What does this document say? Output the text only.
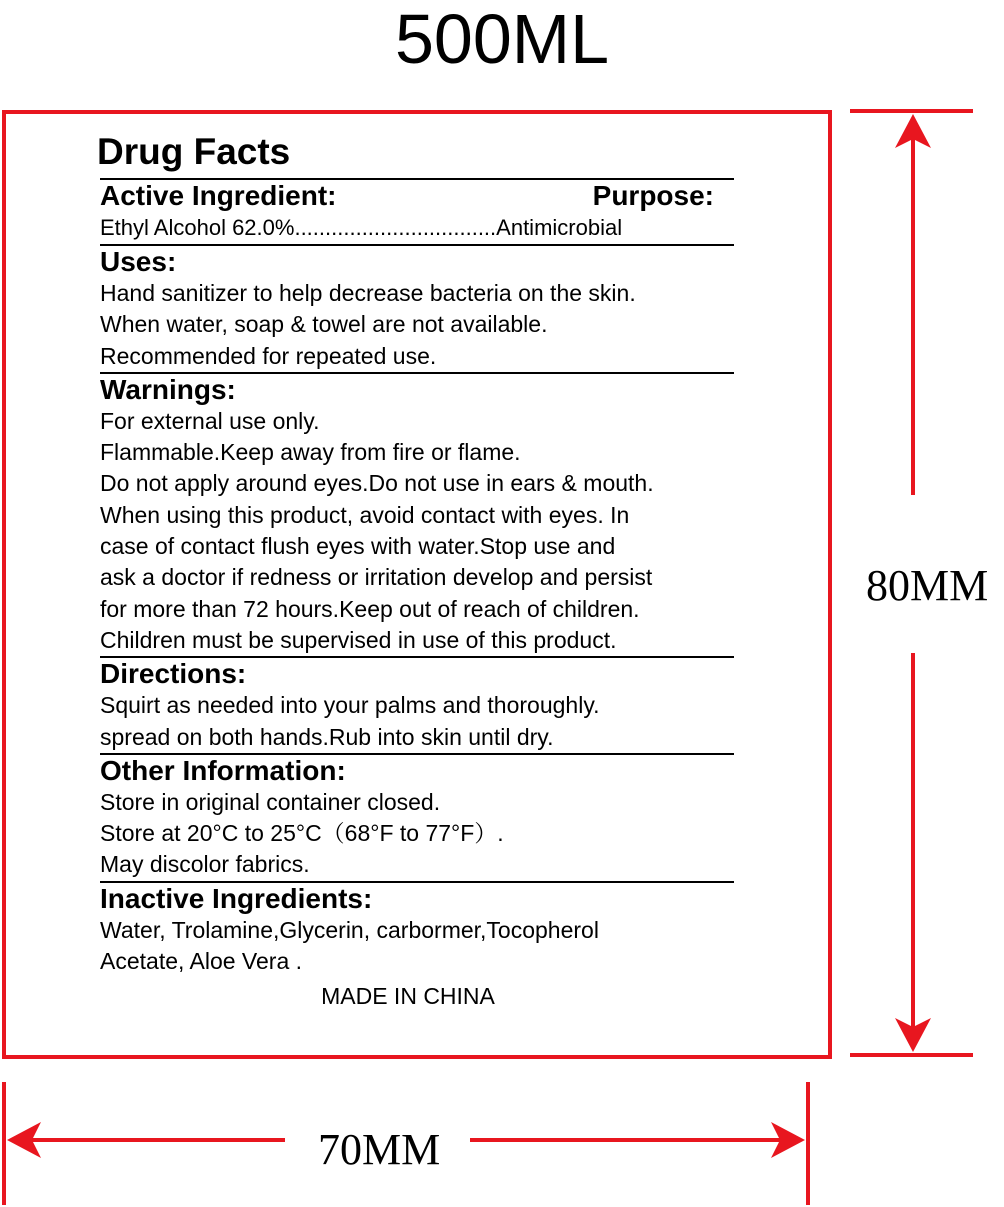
500ML
Drug Facts
Active Ingredient:	Purpose:
Ethyl Alcohol 62.0%.................................Antimicrobial
Uses:
Hand sanitizer to help decrease bacteria on the skin.
When water, soap & towel are not available.
Recommended for repeated use.
Warnings:
For external use only.
Flammable.Keep away from fire or flame.
Do not apply around eyes.Do not use in ears & mouth.
When using this product, avoid contact with eyes. In
case of contact flush eyes with water.Stop use and
ask a doctor if redness or irritation develop and persist
for more than 72 hours.Keep out of reach of children.
Children must be supervised in use of this product.
Directions:
Squirt as needed into your palms and thoroughly.
spread on both hands.Rub into skin until dry.
Other Information:
Store in original container closed.
Store at 20°C to 25°C（68°F to 77°F）.
May discolor fabrics.
Inactive Ingredients:
Water, Trolamine,Glycerin, carbormer,Tocopherol
Acetate, Aloe Vera .
MADE IN CHINA
80MM
70MM
